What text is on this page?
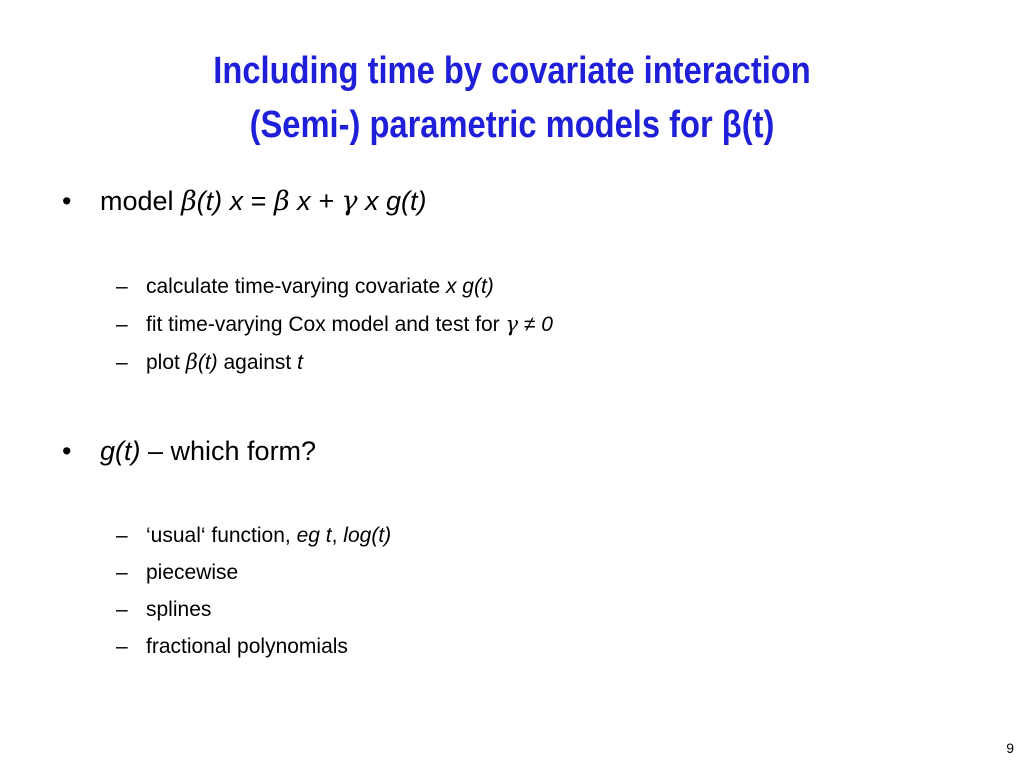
Including time by covariate interaction
(Semi-) parametric models for β(t)
• model β(t) x = β x + γ x g(t)
– calculate time-varying covariate x g(t)
– fit time-varying Cox model and test for γ ≠ 0
– plot β(t) against t
• g(t) – which form?
– ‘usual‘ function, eg t, log(t)
– piecewise
– splines
– fractional polynomials
9
